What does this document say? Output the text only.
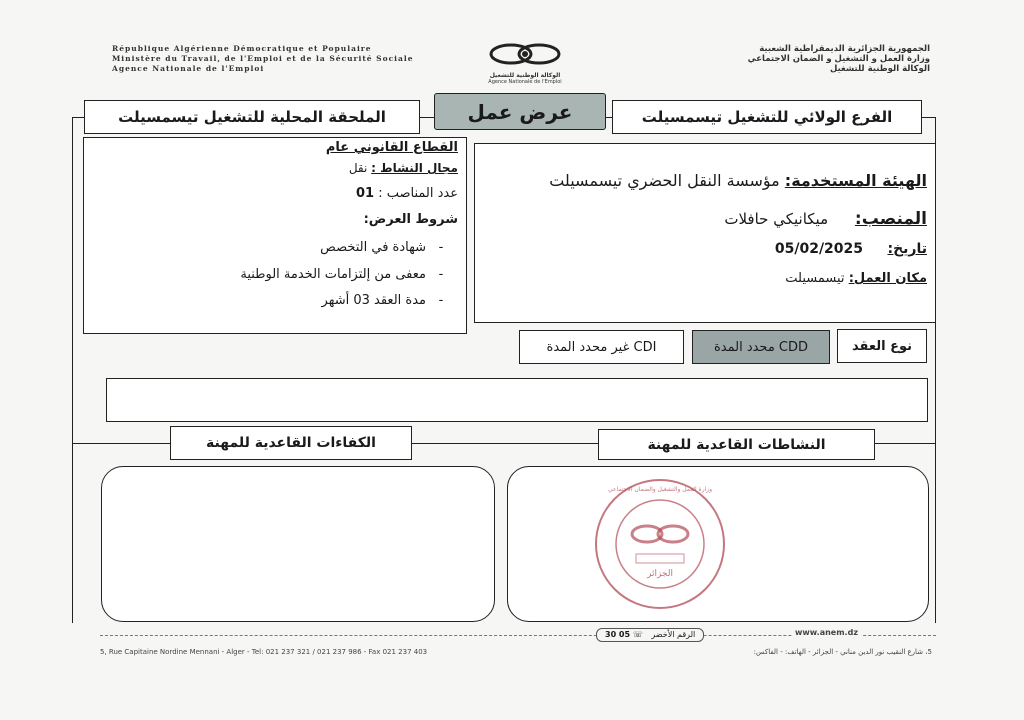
République Algérienne Démocratique et Populaire
Ministère du Travail, de l'Emploi et de la Sécurité Sociale
Agence Nationale de l'Emploi
الوكالة الوطنية للتشغيل
Agence Nationale de l'Emploi
الجمهورية الجزائرية الديمقراطية الشعبية
وزارة العمل و التشغيل و الضمان الاجتماعي
الوكالة الوطنية للتشغيل
الملحقة المحلية للتشغيل تيسمسيلت	عرض عمل	الفرع الولائي للتشغيل تيسمسيلت
القطاع القانوني عام
مجال النشاط : نقل
عدد المناصب : 01
شروط العرض:
-شهادة في التخصص
-معفى من إلتزامات الخدمة الوطنية
-مدة العقد 03 أشهر
الهيئة المستخدمة: مؤسسة النقل الحضري تيسمسيلت
المنصب: ميكانيكي حافلات
تاريخ: 05/02/2025
مكان العمل: تيسمسيلت
نوع العقد
محدد المدة CDD
غير محدد المدة CDI
الكفاءات القاعدية للمهنة	النشاطات القاعدية للمهنة
الجزائر
وزارة العمل والتشغيل والضمان الاجتماعي
30 05 ☏ الرقم الأخضر	www.anem.dz
5, Rue Capitaine Nordine Mennani - Alger - Tel: 021 237 321 / 021 237 986 - Fax 021 237 403	5، شارع النقيب نور الدين مناني - الجزائر - الهاتف: - الفاكس:
